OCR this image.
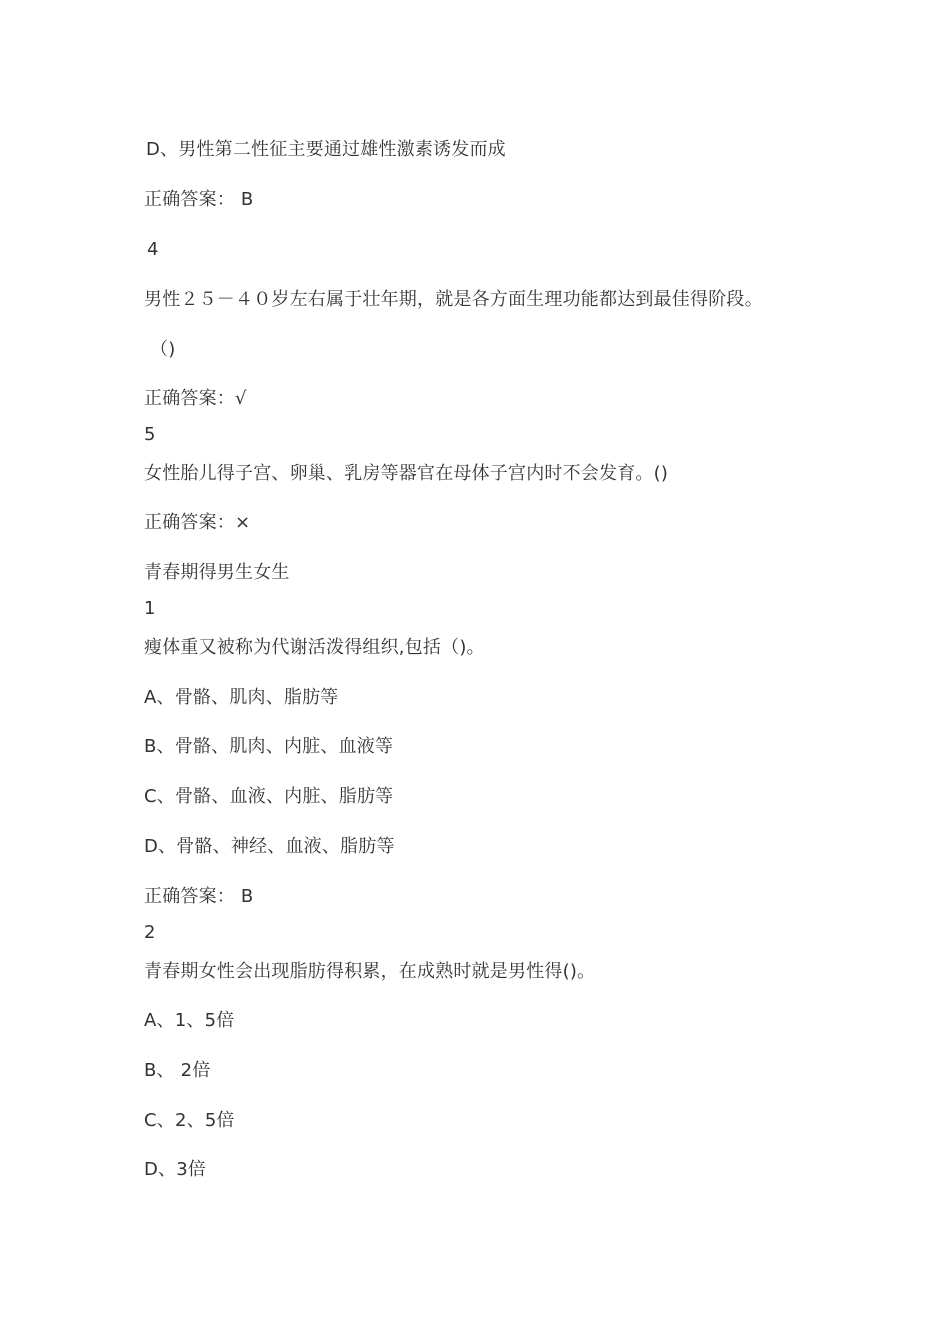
D、男性第二性征主要通过雄性激素诱发而成
正确答案： B
4
男性２５－４０岁左右属于壮年期，就是各方面生理功能都达到最佳得阶段。
（)
正确答案：√
5
女性胎儿得子宫、卵巢、乳房等器官在母体子宫内时不会发育。()
正确答案：×
青春期得男生女生
1
瘦体重又被称为代谢活泼得组织,包括（)。
A、骨骼、肌肉、脂肪等
B、骨骼、肌肉、内脏、血液等
C、骨骼、血液、内脏、脂肪等
D、骨骼、神经、血液、脂肪等
正确答案： B
2
青春期女性会出现脂肪得积累，在成熟时就是男性得()。
A、1、5倍
B、 2倍
C、2、5倍
D、3倍
